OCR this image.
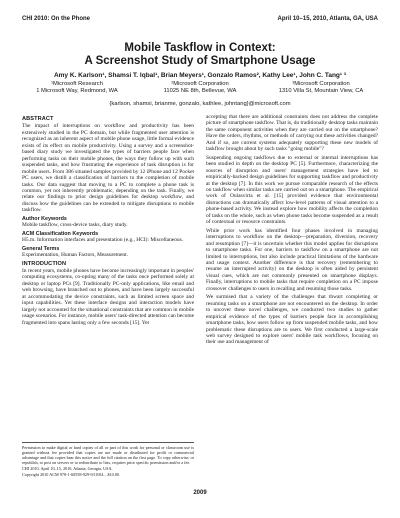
CHI 2010: On the Phone	April 10–15, 2010, Atlanta, GA, USA
Mobile Taskflow in Context:
A Screenshot Study of Smartphone Usage
Amy K. Karlson¹, Shamsi T. Iqbal¹, Brian Meyers¹, Gonzalo Ramos², Kathy Lee¹, John C. Tang¹ ³
¹Microsoft Research
1 Microsoft Way, Redmond, WA
²Microsoft Corporation
11025 NE 8th, Bellevue, WA
³Microsoft Corporation
1310 Villa St, Mountain View, CA
{karlson, shamsi, brianme, gonzalo, kathlee, johntang}@microsoft.com
ABSTRACT

The impact of interruptions on workflow and productivity has been extensively studied in the PC domain, but while fragmented user attention is recognized as an inherent aspect of mobile phone usage, little formal evidence exists of its effect on mobile productivity. Using a survey and a screenshot-based diary study we investigated the types of barriers people face when performing tasks on their mobile phones, the ways they follow up with such suspended tasks, and how frustrating the experience of task disruption is for mobile users. From 386 situated samples provided by 12 iPhone and 12 Pocket PC users, we distill a classification of barriers to the completion of mobile tasks. Our data suggest that moving to a PC to complete a phone task is common, yet not inherently problematic, depending on the task. Finally, we relate our findings to prior design guidelines for desktop workflow, and discuss how the guidelines can be extended to mitigate disruptions to mobile taskflow.

Author Keywords

Mobile taskflow, cross-device tasks, diary study.

ACM Classification Keywords

H5.m. Information interfaces and presentation (e.g., HCI): Miscellaneous.

General Terms

Experimentation, Human Factors, Measurement.

INTRODUCTION

In recent years, mobile phones have become increasingly important in peoples' computing ecosystems, co-opting many of the tasks once performed solely at desktop or laptop PCs [9]. Traditionally PC-only applications, like email and web browsing, have branched out to phones, and have been largely successful at accommodating the device constraints, such as limited screen space and input capabilities. Yet these interface designs and interaction models have largely not accounted for the situational constraints that are common in mobile usage scenarios. For instance, mobile users' task-directed attention can become fragmented into spans lasting only a few seconds [15]. Yet

Permission to make digital or hard copies of all or part of this work for personal or classroom use is granted without fee provided that copies are not made or distributed for profit or commercial advantage and that copies bear this notice and the full citation on the first page. To copy otherwise, or republish, to post on servers or to redistribute to lists, requires prior specific permission and/or a fee.

CHI 2010, April 10–15, 2010, Atlanta, Georgia, USA.

Copyright 2010 ACM 978-1-60558-929-9/10/04....$10.00.

accepting that there are additional constraints does not address the complete picture of smartphone taskflow. That is, do traditionally desktop tasks maintain the same component activities when they are carried out on the smartphone? Have the orders, rhythms, or methods of carrying out these activities changed? And if so, are current systems adequately supporting these new models of taskflow brought about by such tasks "going mobile"?

Suspending ongoing taskflows due to external or internal interruptions has been studied in depth on the desktop PC [5]. Furthermore, characterizing the sources of disruption and users' management strategies have led to empirically-backed design guidelines for supporting taskflow and productivity at the desktop [7]. In this work we pursue comparable research of the effects on taskflow when similar tasks are carried out on a smartphone. The empirical work of Oulasvirta et al. [15] provided evidence that environmental distractions can dramatically affect low-level patterns of visual attention to a phone-based activity. We instead explore how mobility affects the completion of tasks on the whole, such as when phone tasks become suspended as a result of contextual or resource constraints.

While prior work has identified four phases involved in managing interruptions to workflow on the desktop—preparation, diversion, recovery and resumption [7]—it is uncertain whether this model applies for disruptions to smartphone tasks. For one, barriers to taskflow on a smartphone are not limited to interruptions, but also include practical limitations of the hardware and usage context. Another difference is that recovery (remembering to resume an interrupted activity) on the desktop is often aided by persistent visual cues, which are not commonly presented on smartphone displays. Finally, interruptions to mobile tasks that require completion on a PC impose crossover challenges to users in recalling and resuming those tasks.

We surmised that a variety of the challenges that thwart completing or resuming tasks on a smartphone are not encountered on the desktop. In order to uncover these novel challenges, we conducted two studies to gather empirical evidence of the types of barriers people face in accomplishing smartphone tasks, how users follow up from suspended mobile tasks, and how problematic these disruptions are to users. We first conducted a large-scale web survey designed to explore users' mobile task workflows, focusing on their use and management of

2009
